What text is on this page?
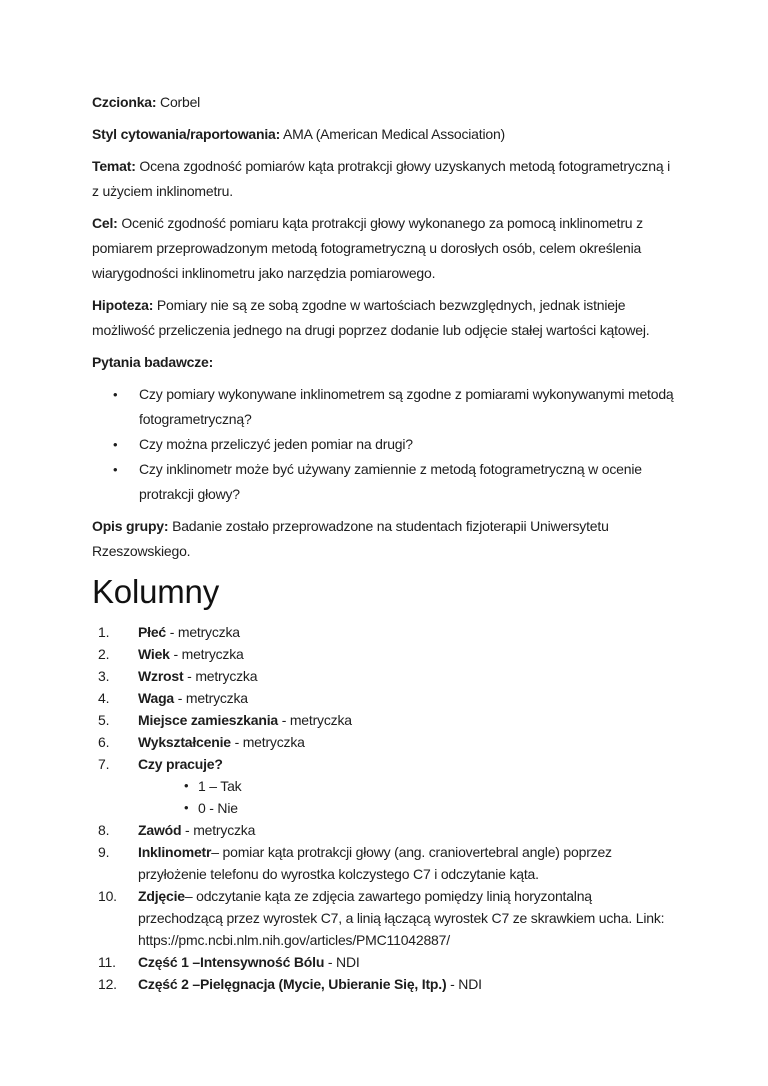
Czcionka: Corbel

Styl cytowania/raportowania: AMA (American Medical Association)

Temat: Ocena zgodność pomiarów kąta protrakcji głowy uzyskanych metodą fotogrametryczną i z użyciem inklinometru.

Cel: Ocenić zgodność pomiaru kąta protrakcji głowy wykonanego za pomocą inklinometru z pomiarem przeprowadzonym metodą fotogrametryczną u dorosłych osób, celem określenia wiarygodności inklinometru jako narzędzia pomiarowego.

Hipoteza: Pomiary nie są ze sobą zgodne w wartościach bezwzględnych, jednak istnieje możliwość przeliczenia jednego na drugi poprzez dodanie lub odjęcie stałej wartości kątowej.

Pytania badawcze:

•	Czy pomiary wykonywane inklinometrem są zgodne z pomiarami wykonywanymi metodą fotogrametryczną?
•	Czy można przeliczyć jeden pomiar na drugi?
•	Czy inklinometr może być używany zamiennie z metodą fotogrametryczną w ocenie protrakcji głowy?

Opis grupy: Badanie zostało przeprowadzone na studentach fizjoterapii Uniwersytetu Rzeszowskiego.

Kolumny
1.	Płeć - metryczka
2.	Wiek - metryczka
3.	Wzrost - metryczka
4.	Waga - metryczka
5.	Miejsce zamieszkania - metryczka
6.	Wykształcenie - metryczka
7.	Czy pracuje?
• 1 – Tak
• 0 - Nie
8.	Zawód - metryczka
9.	Inklinometr– pomiar kąta protrakcji głowy (ang. craniovertebral angle) poprzez przyłożenie telefonu do wyrostka kolczystego C7 i odczytanie kąta.
10.	Zdjęcie– odczytanie kąta ze zdjęcia zawartego pomiędzy linią horyzontalną przechodzącą przez wyrostek C7, a linią łączącą wyrostek C7 ze skrawkiem ucha. Link: https://pmc.ncbi.nlm.nih.gov/articles/PMC11042887/
11.	Część 1 –Intensywność Bólu - NDI
12.	Część 2 –Pielęgnacja (Mycie, Ubieranie Się, Itp.) - NDI
